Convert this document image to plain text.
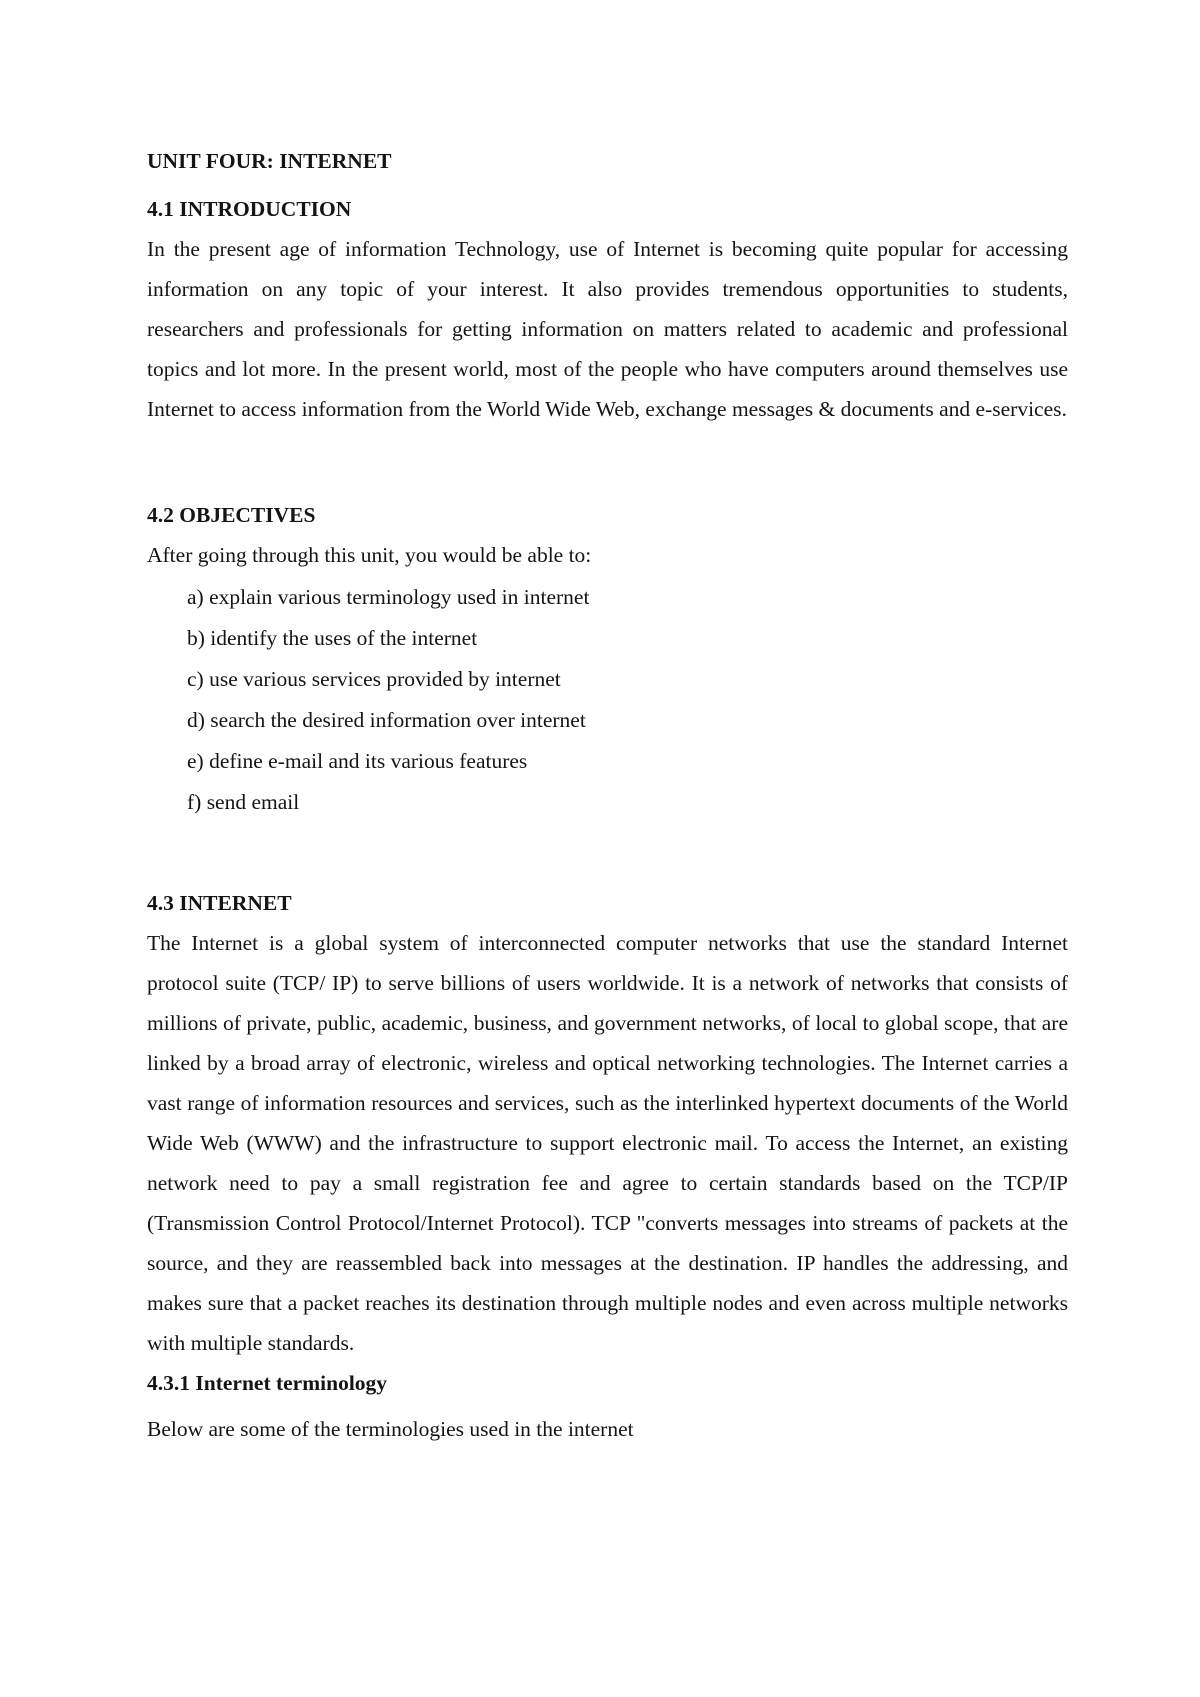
UNIT FOUR: INTERNET

4.1 INTRODUCTION

In the present age of information Technology, use of Internet is becoming quite popular for accessing information on any topic of your interest. It also provides tremendous opportunities to students, researchers and professionals for getting information on matters related to academic and professional topics and lot more. In the present world, most of the people who have computers around themselves use Internet to access information from the World Wide Web, exchange messages & documents and e-services.

4.2 OBJECTIVES

After going through this unit, you would be able to:

a) explain various terminology used in internet
b) identify the uses of the internet
c) use various services provided by internet
d) search the desired information over internet
e) define e-mail and its various features
f) send email

4.3 INTERNET

The Internet is a global system of interconnected computer networks that use the standard Internet protocol suite (TCP/ IP) to serve billions of users worldwide. It is a network of networks that consists of millions of private, public, academic, business, and government networks, of local to global scope, that are linked by a broad array of electronic, wireless and optical networking technologies. The Internet carries a vast range of information resources and services, such as the interlinked hypertext documents of the World Wide Web (WWW) and the infrastructure to support electronic mail. To access the Internet, an existing network need to pay a small registration fee and agree to certain standards based on the TCP/IP (Transmission Control Protocol/Internet Protocol). TCP "converts messages into streams of packets at the source, and they are reassembled back into messages at the destination. IP handles the addressing, and makes sure that a packet reaches its destination through multiple nodes and even across multiple networks with multiple standards.

4.3.1 Internet terminology

Below are some of the terminologies used in the internet
